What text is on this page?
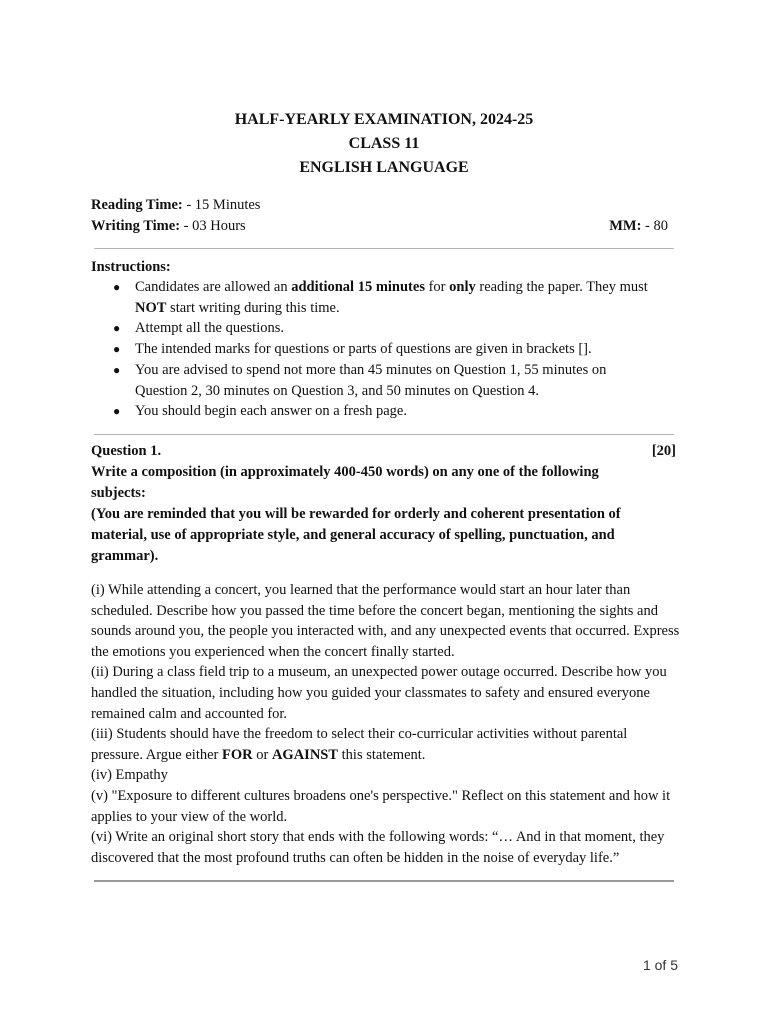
HALF-YEARLY EXAMINATION, 2024-25
CLASS 11
ENGLISH LANGUAGE
Reading Time: - 15 Minutes
Writing Time: - 03 Hours	MM: - 80
Instructions:
● Candidates are allowed an additional 15 minutes for only reading the paper. They must NOT start writing during this time.
● Attempt all the questions.
● The intended marks for questions or parts of questions are given in brackets [].
● You are advised to spend not more than 45 minutes on Question 1, 55 minutes on Question 2, 30 minutes on Question 3, and 50 minutes on Question 4.
● You should begin each answer on a fresh page.
Question 1.	[20]
Write a composition (in approximately 400-450 words) on any one of the following subjects:
(You are reminded that you will be rewarded for orderly and coherent presentation of material, use of appropriate style, and general accuracy of spelling, punctuation, and grammar).

(i) While attending a concert, you learned that the performance would start an hour later than scheduled. Describe how you passed the time before the concert began, mentioning the sights and sounds around you, the people you interacted with, and any unexpected events that occurred. Express the emotions you experienced when the concert finally started.

(ii) During a class field trip to a museum, an unexpected power outage occurred. Describe how you handled the situation, including how you guided your classmates to safety and ensured everyone remained calm and accounted for.

(iii) Students should have the freedom to select their co-curricular activities without parental pressure. Argue either FOR or AGAINST this statement.

(iv) Empathy

(v) "Exposure to different cultures broadens one's perspective." Reflect on this statement and how it applies to your view of the world.

(vi) Write an original short story that ends with the following words: “… And in that moment, they discovered that the most profound truths can often be hidden in the noise of everyday life.”

1 of 5
